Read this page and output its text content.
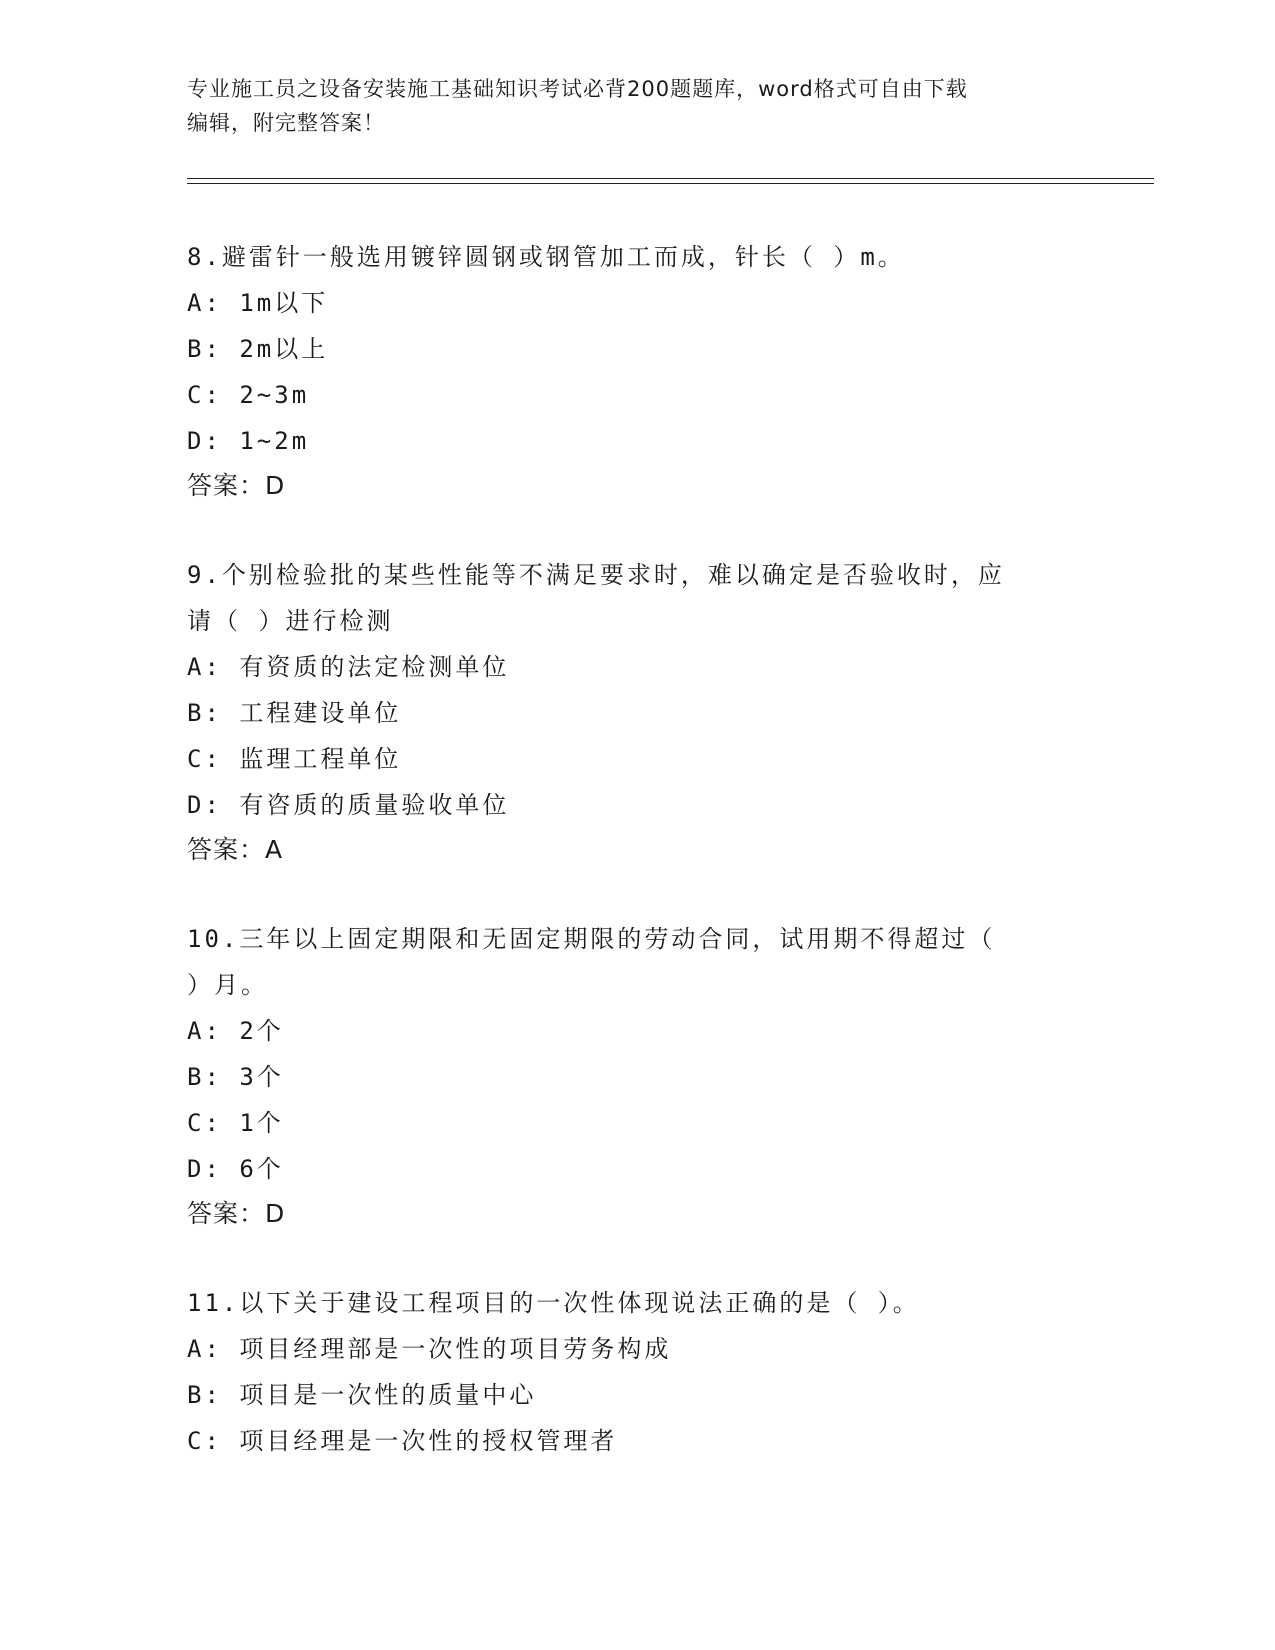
专业施工员之设备安装施工基础知识考试必背200题题库，word格式可自由下载
编辑，附完整答案！
8.避雷针一般选用镀锌圆钢或钢管加工而成，针长（ ）m。
A: 1m以下
B: 2m以上
C: 2~3m
D: 1~2m
答案：D
9.个别检验批的某些性能等不满足要求时，难以确定是否验收时，应
请（ ）进行检测
A: 有资质的法定检测单位
B: 工程建设单位
C: 监理工程单位
D: 有咨质的质量验收单位
答案：A
10.三年以上固定期限和无固定期限的劳动合同，试用期不得超过（
）月。
A: 2个
B: 3个
C: 1个
D: 6个
答案：D
11.以下关于建设工程项目的一次性体现说法正确的是（ ）。
A: 项目经理部是一次性的项目劳务构成
B: 项目是一次性的质量中心
C: 项目经理是一次性的授权管理者
